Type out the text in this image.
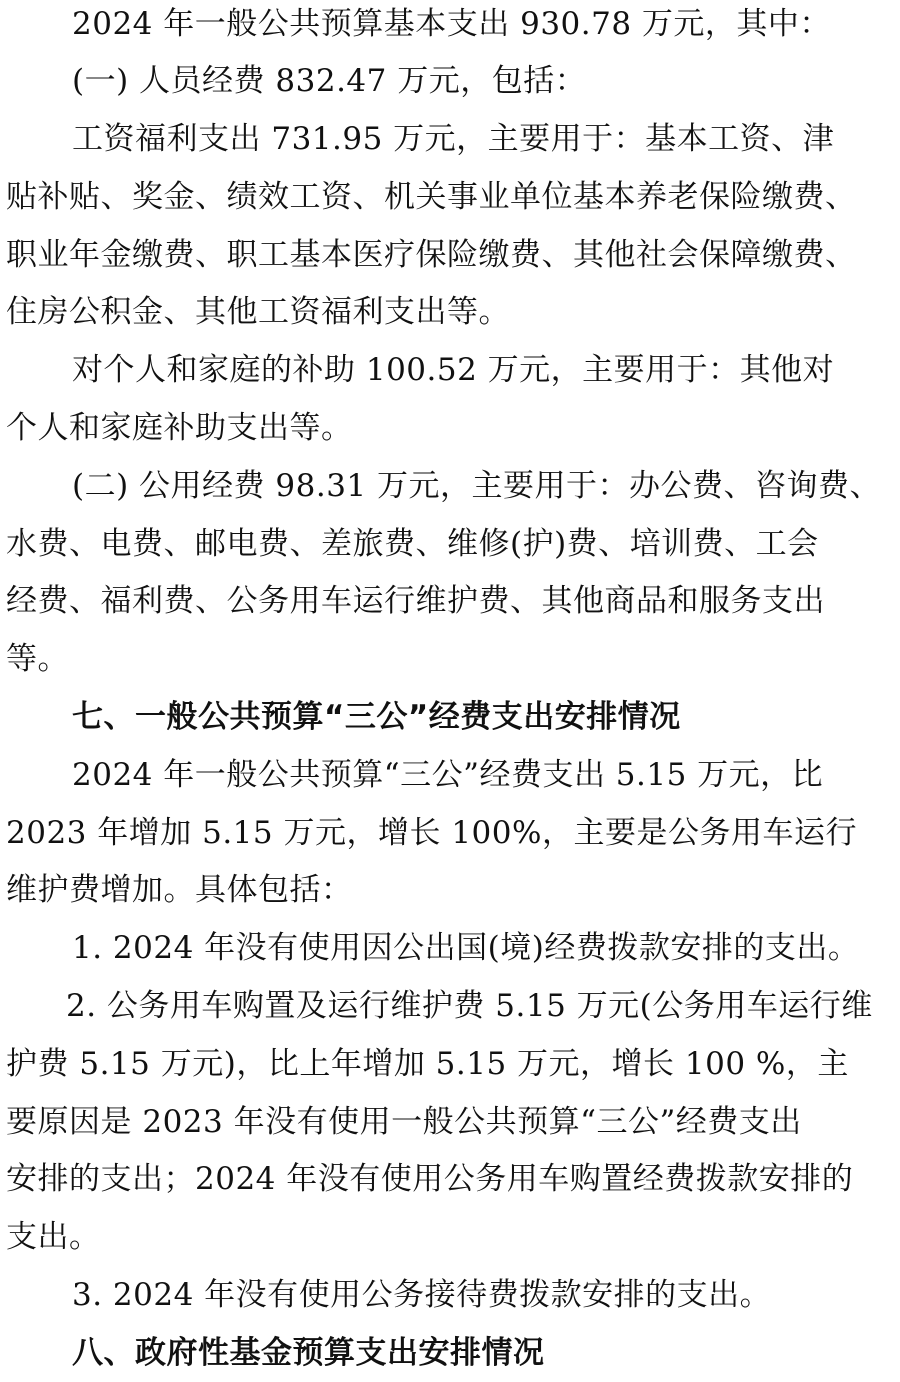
2024 年一般公共预算基本支出 930.78 万元，其中：
(一) 人员经费 832.47 万元，包括：
工资福利支出 731.95 万元，主要用于：基本工资、津
贴补贴、奖金、绩效工资、机关事业单位基本养老保险缴费、
职业年金缴费、职工基本医疗保险缴费、其他社会保障缴费、
住房公积金、其他工资福利支出等。
对个人和家庭的补助 100.52 万元，主要用于：其他对
个人和家庭补助支出等。
(二) 公用经费 98.31 万元，主要用于：办公费、咨询费、
水费、电费、邮电费、差旅费、维修(护)费、培训费、工会
经费、福利费、公务用车运行维护费、其他商品和服务支出
等。
七、一般公共预算“三公”经费支出安排情况
2024 年一般公共预算“三公”经费支出 5.15 万元，比
2023 年增加 5.15 万元，增长 100%，主要是公务用车运行
维护费增加。具体包括：
1. 2024 年没有使用因公出国(境)经费拨款安排的支出。
2. 公务用车购置及运行维护费 5.15 万元(公务用车运行维
护费 5.15 万元)，比上年增加 5.15 万元，增长 100 %，主
要原因是 2023 年没有使用一般公共预算“三公”经费支出
安排的支出；2024 年没有使用公务用车购置经费拨款安排的
支出。
3. 2024 年没有使用公务接待费拨款安排的支出。
八、政府性基金预算支出安排情况
